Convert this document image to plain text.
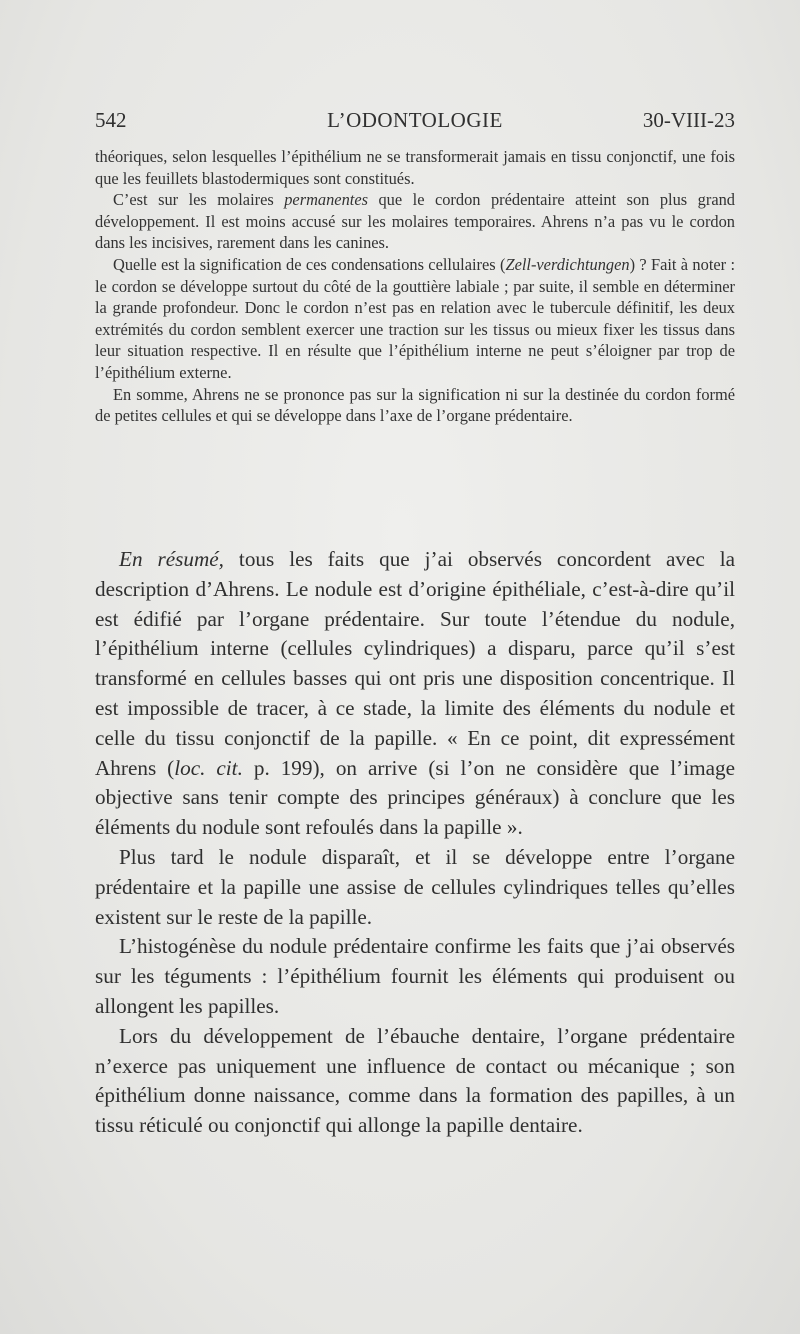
542	L’ODONTOLOGIE	30-VIII-23

théoriques, selon lesquelles l’épithélium ne se transformerait jamais en tissu conjonctif, une fois que les feuillets blastodermiques sont constitués.

C’est sur les molaires permanentes que le cordon prédentaire atteint son plus grand développement. Il est moins accusé sur les molaires temporaires. Ahrens n’a pas vu le cordon dans les incisives, rarement dans les canines.

Quelle est la signification de ces condensations cellulaires (Zell-verdichtungen) ? Fait à noter : le cordon se développe surtout du côté de la gouttière labiale ; par suite, il semble en déterminer la grande profondeur. Donc le cordon n’est pas en relation avec le tubercule définitif, les deux extrémités du cordon semblent exercer une traction sur les tissus ou mieux fixer les tissus dans leur situation respective. Il en résulte que l’épithélium interne ne peut s’éloigner par trop de l’épithélium externe.

En somme, Ahrens ne se prononce pas sur la signification ni sur la destinée du cordon formé de petites cellules et qui se développe dans l’axe de l’organe prédentaire.

En résumé, tous les faits que j’ai observés concordent avec la description d’Ahrens. Le nodule est d’origine épithéliale, c’est-à-dire qu’il est édifié par l’organe prédentaire. Sur toute l’étendue du nodule, l’épithélium interne (cellules cylindriques) a disparu, parce qu’il s’est transformé en cellules basses qui ont pris une disposition concentrique. Il est impossible de tracer, à ce stade, la limite des éléments du nodule et celle du tissu conjonctif de la papille. « En ce point, dit expressément Ahrens (loc. cit. p. 199), on arrive (si l’on ne considère que l’image objective sans tenir compte des principes généraux) à conclure que les éléments du nodule sont refoulés dans la papille ».

Plus tard le nodule disparaît, et il se développe entre l’organe prédentaire et la papille une assise de cellules cylindriques telles qu’elles existent sur le reste de la papille.

L’histogénèse du nodule prédentaire confirme les faits que j’ai observés sur les téguments : l’épithélium fournit les éléments qui produisent ou allongent les papilles.

Lors du développement de l’ébauche dentaire, l’organe prédentaire n’exerce pas uniquement une influence de contact ou mécanique ; son épithélium donne naissance, comme dans la formation des papilles, à un tissu réticulé ou conjonctif qui allonge la papille dentaire.
